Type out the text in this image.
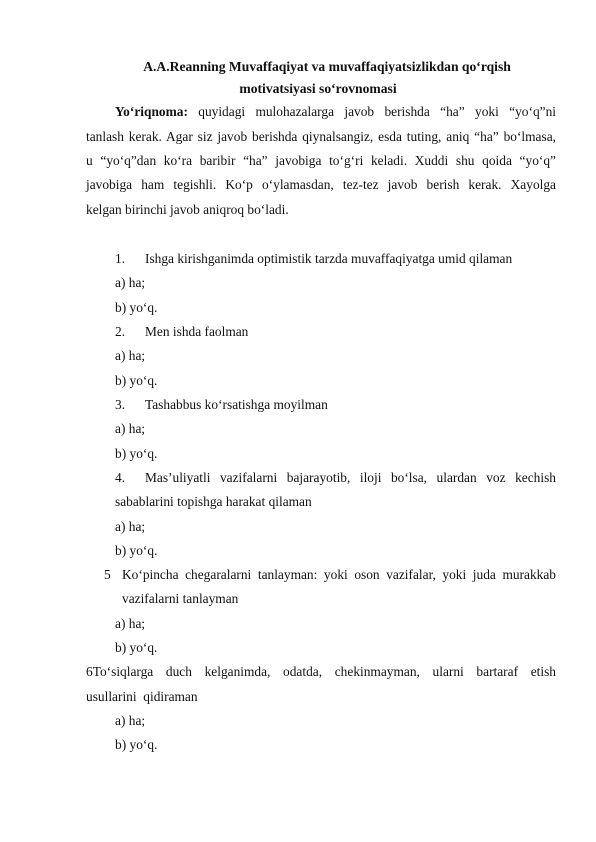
A.A.Reanning Muvaffaqiyat va muvaffaqiyatsizlikdan qo‘rqish
motivatsiyasi so‘rovnomasi
Yo‘riqnoma: quyidagi mulohazalarga javob berishda “ha” yoki “yo‘q”ni
tanlash kerak. Agar siz javob berishda qiynalsangiz, esda tuting, aniq “ha” bo‘lmasa,
u “yo‘q”dan ko‘ra baribir “ha” javobiga to‘g‘ri keladi. Xuddi shu qoida “yo‘q”
javobiga ham tegishli. Ko‘p o‘ylamasdan, tez-tez javob berish kerak. Xayolga
kelgan birinchi javob aniqroq bo‘ladi.
1. Ishga kirishganimda optimistik tarzda muvaffaqiyatga umid qilaman
a) ha;
b) yo‘q.
2. Men ishda faolman
a) ha;
b) yo‘q.
3. Tashabbus ko‘rsatishga moyilman
a) ha;
b) yo‘q.
4. Mas’uliyatli vazifalarni bajarayotib, iloji bo‘lsa, ulardan voz kechish
sabablarini topishga harakat qilaman
a) ha;
b) yo‘q.
5 Ko‘pincha chegaralarni tanlayman: yoki oson vazifalar, yoki juda murakkab
vazifalarni tanlayman
a) ha;
b) yo‘q.
6To‘siqlarga duch kelganimda, odatda, chekinmayman, ularni bartaraf etish
usullarini  qidiraman
a) ha;
b) yo‘q.
